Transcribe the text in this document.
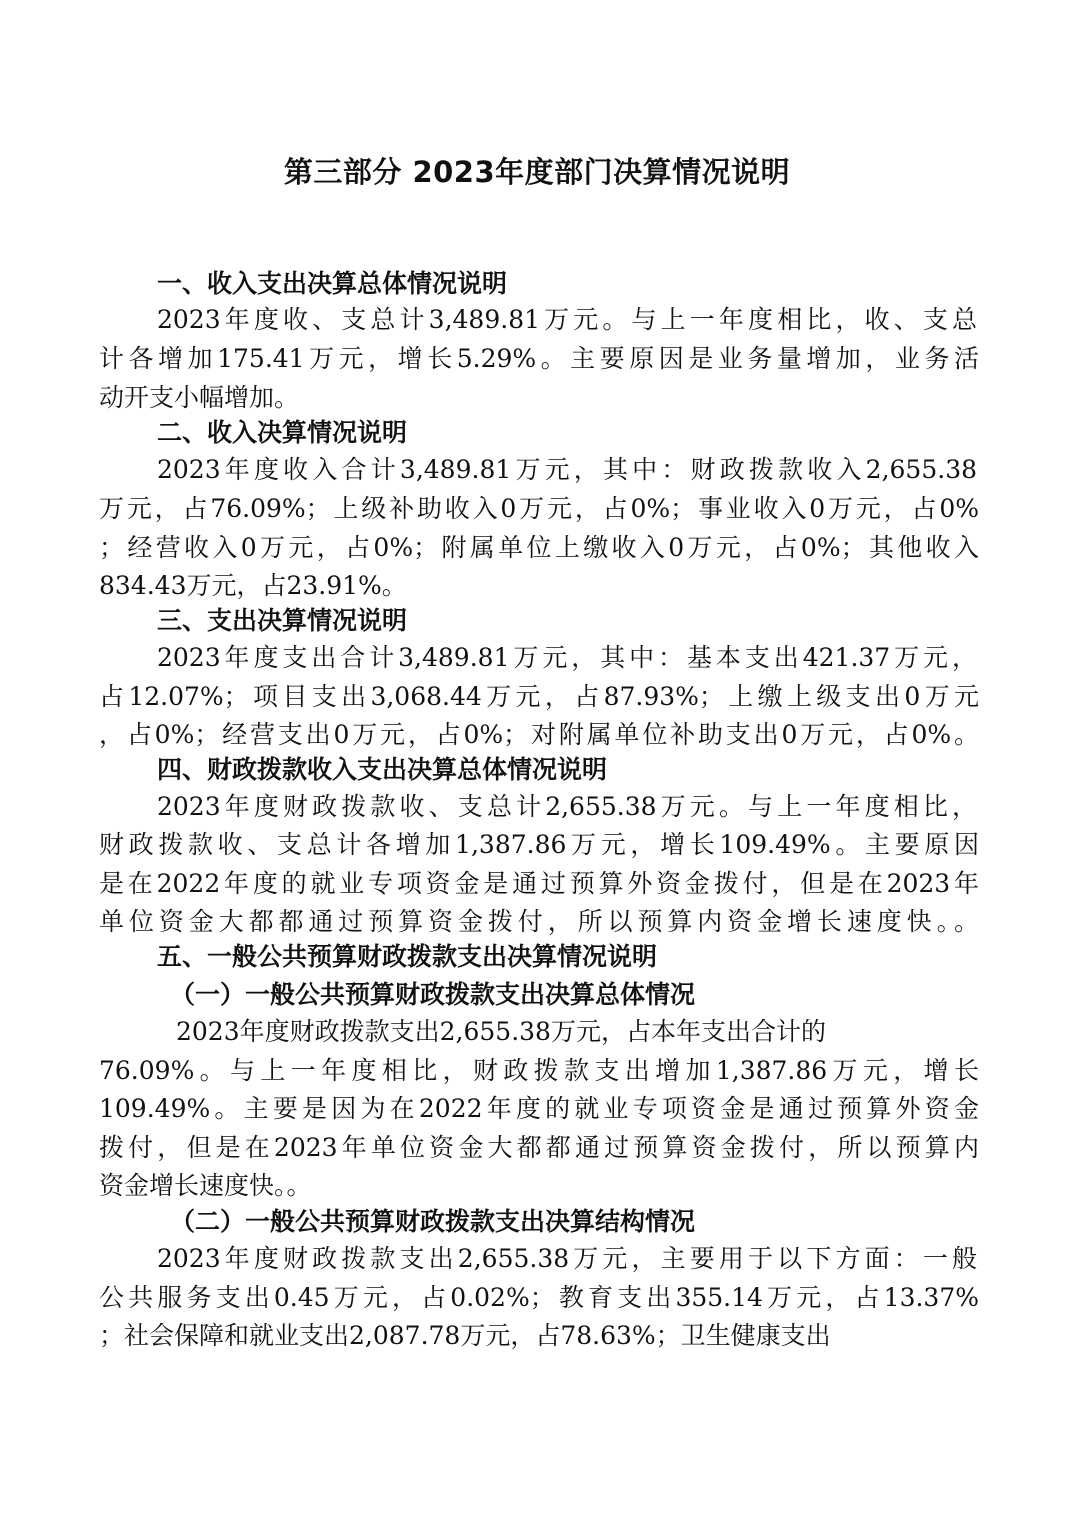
第三部分 2023年度部门决算情况说明
一、收入支出决算总体情况说明
2023年度收、支总计3,489.81万元。与上一年度相比，收、支总
计各增加175.41万元，增长5.29%。主要原因是业务量增加，业务活
动开支小幅增加。
二、收入决算情况说明
2023年度收入合计3,489.81万元，其中：财政拨款收入2,655.38
万元，占76.09%；上级补助收入0万元，占0%；事业收入0万元，占0%
；经营收入0万元，占0%；附属单位上缴收入0万元，占0%；其他收入
834.43万元，占23.91%。
三、支出决算情况说明
2023年度支出合计3,489.81万元，其中：基本支出421.37万元，
占12.07%；项目支出3,068.44万元，占87.93%；上缴上级支出0万元
，占0%；经营支出0万元，占0%；对附属单位补助支出0万元，占0%。
四、财政拨款收入支出决算总体情况说明
2023年度财政拨款收、支总计2,655.38万元。与上一年度相比，
财政拨款收、支总计各增加1,387.86万元，增长109.49%。主要原因
是在2022年度的就业专项资金是通过预算外资金拨付，但是在2023年
单位资金大都都通过预算资金拨付，所以预算内资金增长速度快。。
五、一般公共预算财政拨款支出决算情况说明
（一）一般公共预算财政拨款支出决算总体情况
2023年度财政拨款支出2,655.38万元，占本年支出合计的
76.09%。与上一年度相比，财政拨款支出增加1,387.86万元，增长
109.49%。主要是因为在2022年度的就业专项资金是通过预算外资金
拨付，但是在2023年单位资金大都都通过预算资金拨付，所以预算内
资金增长速度快。。
（二）一般公共预算财政拨款支出决算结构情况
2023年度财政拨款支出2,655.38万元，主要用于以下方面：一般
公共服务支出0.45万元，占0.02%；教育支出355.14万元，占13.37%
；社会保障和就业支出2,087.78万元，占78.63%；卫生健康支出
